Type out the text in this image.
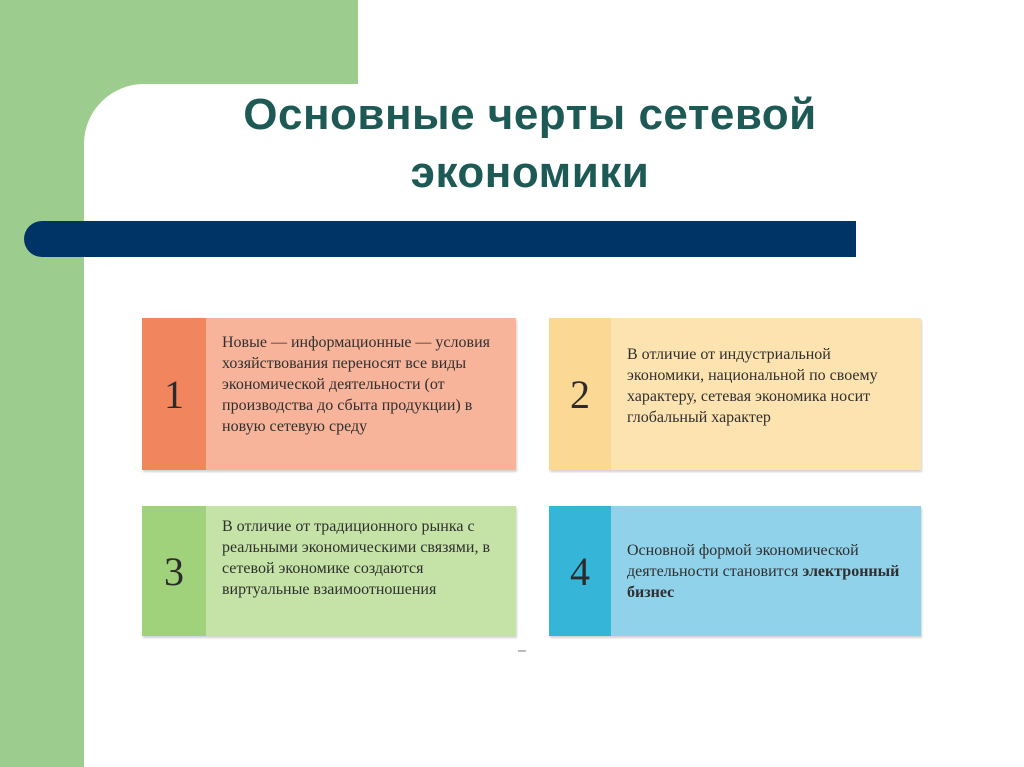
Основные черты сетевой
экономики
1
Новые — информационные — условия хозяйствования переносят все виды экономической деятельности (от производства до сбыта продукции) в новую сетевую среду
2
В отличие от индустриальной экономики, национальной по своему характеру, сетевая экономика носит глобальный характер
3
В отличие от традиционного рынка с реальными экономическими связями, в сетевой экономике создаются виртуальные взаимоотношения	4	Основной формой экономической деятельности становится электронный бизнес
